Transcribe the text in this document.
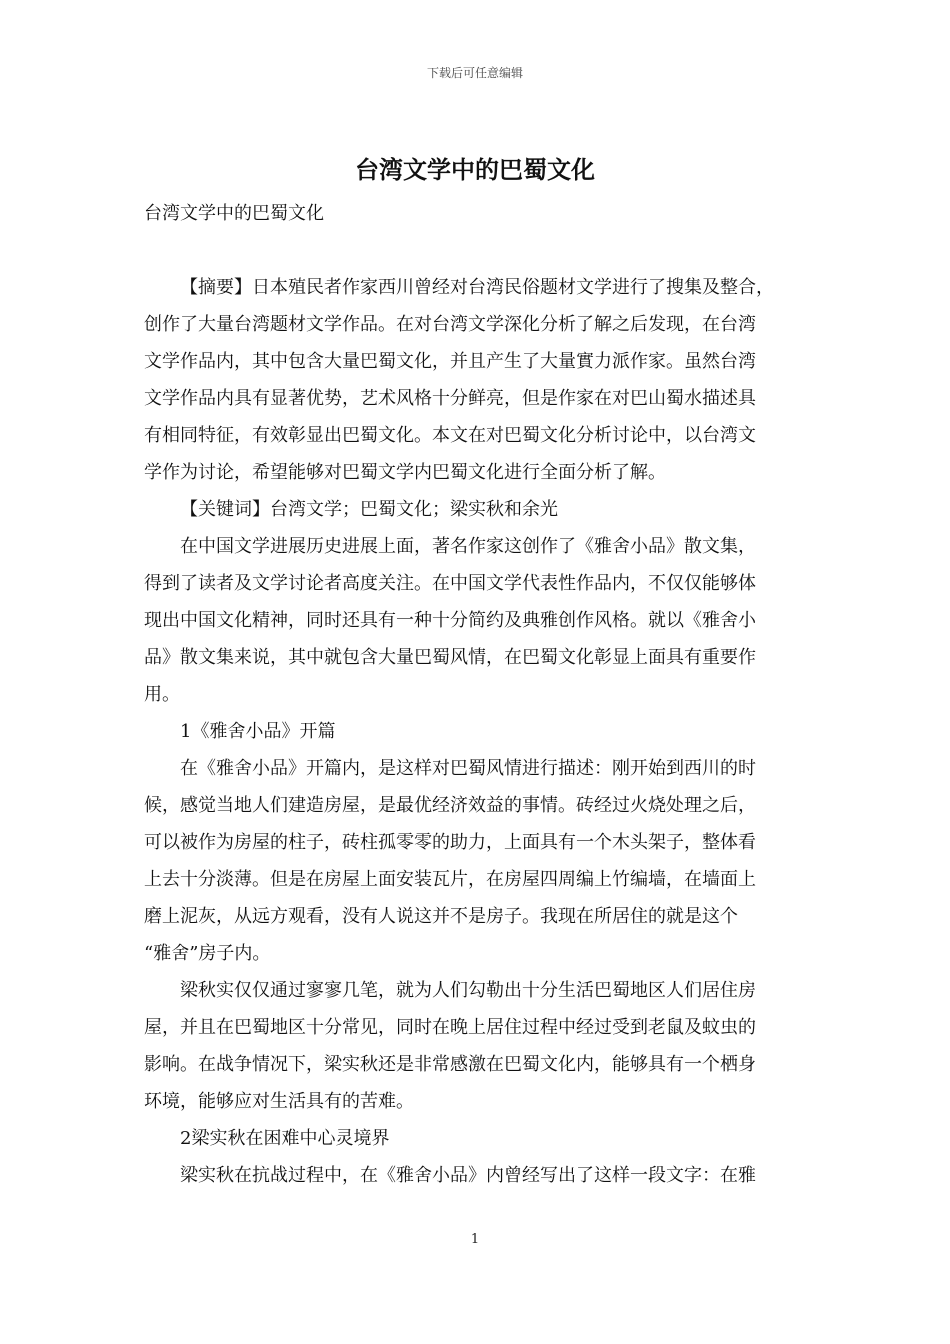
下载后可任意编辑
台湾文学中的巴蜀文化

台湾文学中的巴蜀文化

【摘要】日本殖民者作家西川曾经对台湾民俗题材文学进行了搜集及整合，
创作了大量台湾题材文学作品。在对台湾文学深化分析了解之后发现，在台湾
文学作品内，其中包含大量巴蜀文化，并且产生了大量實力派作家。虽然台湾
文学作品内具有显著优势，艺术风格十分鲜亮，但是作家在对巴山蜀水描述具
有相同特征，有效彰显出巴蜀文化。本文在对巴蜀文化分析讨论中，以台湾文
学作为讨论，希望能够对巴蜀文学内巴蜀文化进行全面分析了解。
【关键词】台湾文学；巴蜀文化；梁实秋和余光
在中国文学进展历史进展上面，著名作家这创作了《雅舍小品》散文集，
得到了读者及文学讨论者高度关注。在中国文学代表性作品内，不仅仅能够体
现出中国文化精神，同时还具有一种十分简约及典雅创作风格。就以《雅舍小
品》散文集来说，其中就包含大量巴蜀风情，在巴蜀文化彰显上面具有重要作
用。

1《雅舍小品》开篇

在《雅舍小品》开篇内，是这样对巴蜀风情进行描述：刚开始到西川的时
候，感觉当地人们建造房屋，是最优经济效益的事情。砖经过火烧处理之后，
可以被作为房屋的柱子，砖柱孤零零的助力，上面具有一个木头架子，整体看
上去十分淡薄。但是在房屋上面安装瓦片，在房屋四周编上竹编墙，在墙面上
磨上泥灰，从远方观看，没有人说这并不是房子。我现在所居住的就是这个
“雅舍”房子内。
梁秋实仅仅通过寥寥几笔，就为人们勾勒出十分生活巴蜀地区人们居住房
屋，并且在巴蜀地区十分常见，同时在晚上居住过程中经过受到老鼠及蚊虫的
影响。在战争情况下，梁实秋还是非常感激在巴蜀文化内，能够具有一个栖身
环境，能够应对生活具有的苦难。

2梁实秋在困难中心灵境界

梁实秋在抗战过程中，在《雅舍小品》内曾经写出了这样一段文字：在雅
1
